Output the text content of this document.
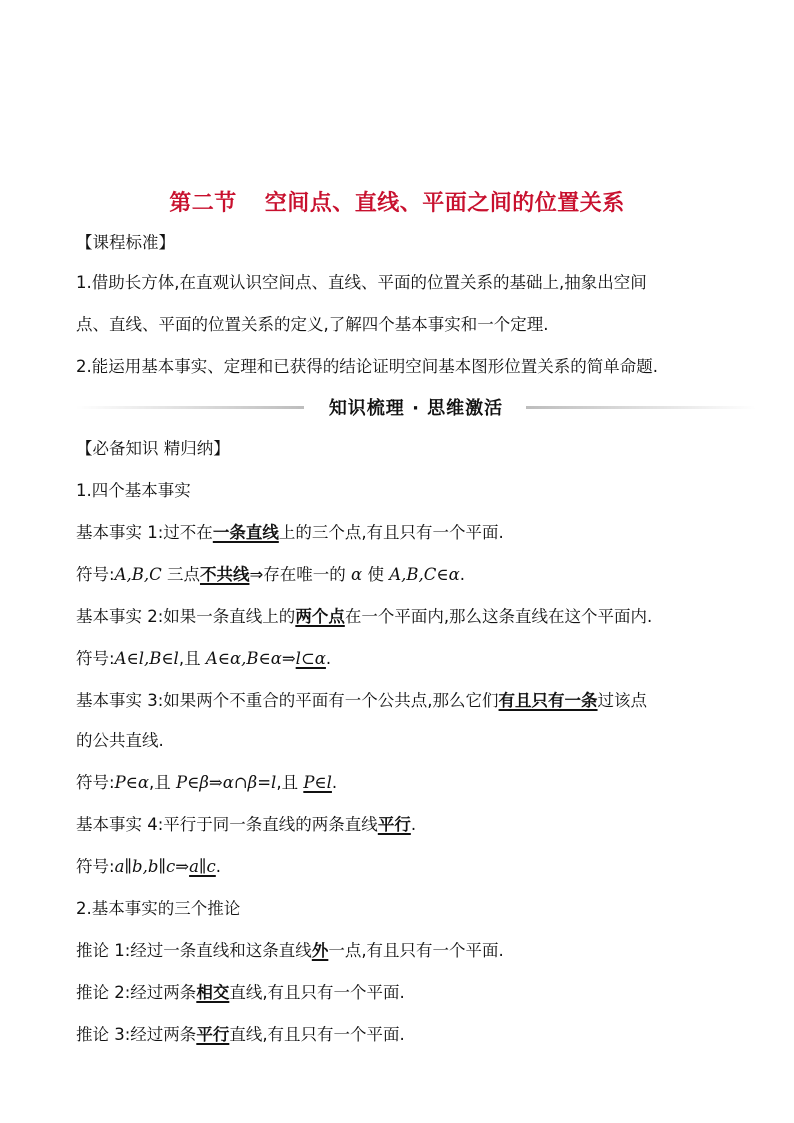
第二节 空间点、直线、平面之间的位置关系
【课程标准】
1.借助长方体,在直观认识空间点、直线、平面的位置关系的基础上,抽象出空间
点、直线、平面的位置关系的定义,了解四个基本事实和一个定理.
2.能运用基本事实、定理和已获得的结论证明空间基本图形位置关系的简单命题.
知识梳理 · 思维激活
【必备知识 精归纳】
1.四个基本事实
基本事实 1:过不在一条直线上的三个点,有且只有一个平面.
符号:A,B,C 三点不共线⇒存在唯一的 α 使 A,B,C∈α.
基本事实 2:如果一条直线上的两个点在一个平面内,那么这条直线在这个平面内.
符号:A∈l,B∈l,且 A∈α,B∈α⇒l⊂α.
基本事实 3:如果两个不重合的平面有一个公共点,那么它们有且只有一条过该点
的公共直线.
符号:P∈α,且 P∈β⇒α∩β=l,且 P∈l.
基本事实 4:平行于同一条直线的两条直线平行.
符号:a∥b,b∥c⇒a∥c.
2.基本事实的三个推论
推论 1:经过一条直线和这条直线外一点,有且只有一个平面.
推论 2:经过两条相交直线,有且只有一个平面.
推论 3:经过两条平行直线,有且只有一个平面.
